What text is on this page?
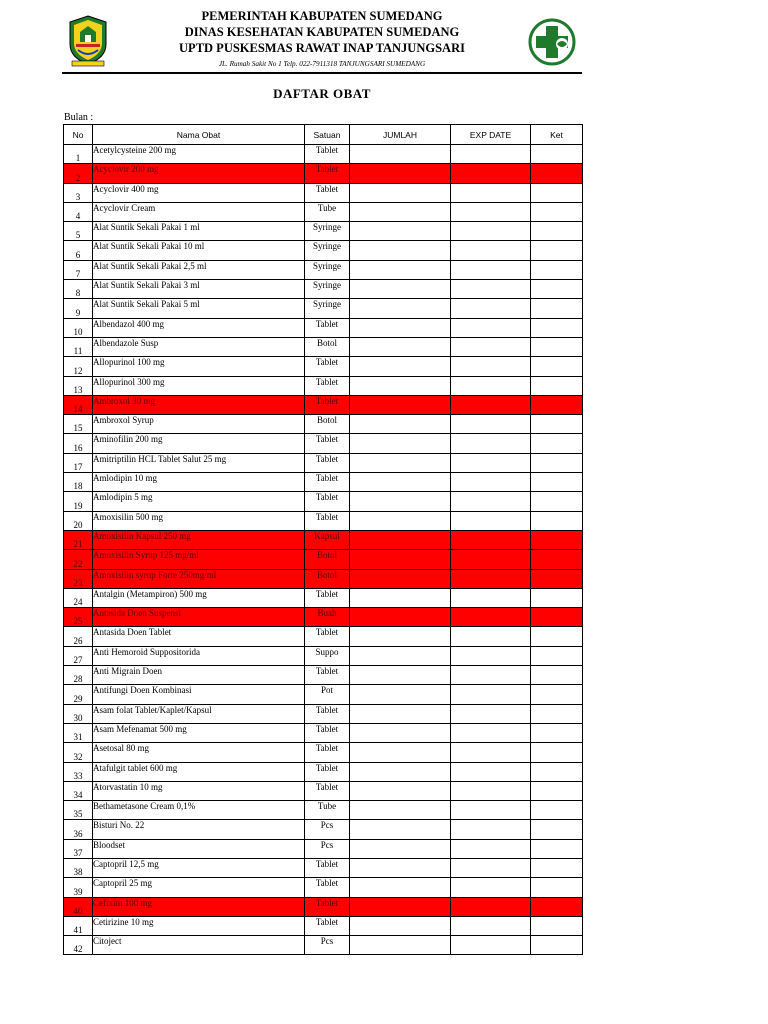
PEMERINTAH KABUPATEN SUMEDANG
DINAS KESEHATAN KABUPATEN SUMEDANG
UPTD PUSKESMAS RAWAT INAP TANJUNGSARI
JL. Rumah Sakit No 1 Telp. 022-7911318 TANJUNGSARI SUMEDANG
DAFTAR OBAT
Bulan :
No	Nama Obat	Satuan	JUMLAH	EXP DATE	Ket
1	Acetylcysteine 200 mg	Tablet			
2	Acyclovir 200 mg	Tablet			
3	Acyclovir 400 mg	Tablet			
4	Acyclovir Cream	Tube			
5	Alat Suntik Sekali Pakai 1 ml	Syringe			
6	Alat Suntik Sekali Pakai 10 ml	Syringe			
7	Alat Suntik Sekali Pakai 2,5 ml	Syringe			
8	Alat Suntik Sekali Pakai 3 ml	Syringe			
9	Alat Suntik Sekali Pakai 5 ml	Syringe			
10	Albendazol 400 mg	Tablet			
11	Albendazole Susp	Botol			
12	Allopurinol 100 mg	Tablet			
13	Allopurinol 300 mg	Tablet			
14	Ambroxol 30 mg	Tablet			
15	Ambroxol Syrup	Botol			
16	Aminofilin 200 mg	Tablet			
17	Amitriptilin HCL Tablet Salut 25 mg	Tablet			
18	Amlodipin 10 mg	Tablet			
19	Amlodipin 5 mg	Tablet			
20	Amoxisilin 500 mg	Tablet			
21	Amoxisilin Kapsul 250 mg	Kapsul			
22	Amoxisilin Syrup 125 mg/ml	Botol			
23	Amoxisilin syrup Forte 250mg/ml	Botol			
24	Antalgin (Metampiron) 500 mg	Tablet			
25	Antasida Doen Suspensi	Buah			
26	Antasida Doen Tablet	Tablet			
27	Anti Hemoroid Suppositorida	Suppo			
28	Anti Migrain Doen	Tablet			
29	Antifungi Doen Kombinasi	Pot			
30	Asam folat Tablet/Kaplet/Kapsul	Tablet			
31	Asam Mefenamat 500 mg	Tablet			
32	Asetosal 80 mg	Tablet			
33	Atafulgit tablet 600 mg	Tablet			
34	Atorvastatin 10 mg	Tablet			
35	Bethametasone Cream 0,1%	Tube			
36	Bisturi No. 22	Pcs			
37	Bloodset	Pcs			
38	Captopril 12,5 mg	Tablet			
39	Captopril 25 mg	Tablet			
40	Cefixim 100 mg	Tablet			
41	Cetirizine 10 mg	Tablet			
42	Citoject	Pcs			
